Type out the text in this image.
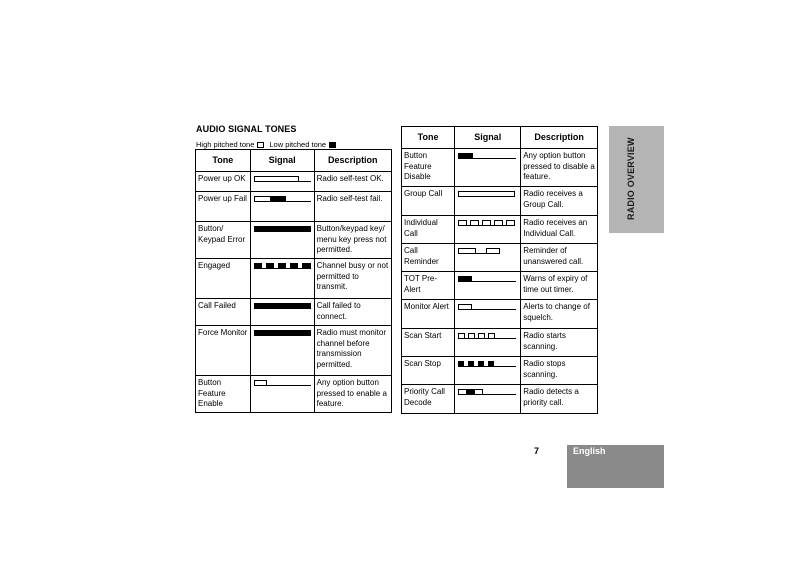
AUDIO SIGNAL TONES
High pitched tone Low pitched tone
Tone	Signal	Description
Power up OK		Radio self-test OK.
Power up Fail		Radio self-test fail.
Button/ Keypad Error		Button/keypad key/ menu key press not permitted.
Engaged		Channel busy or not permitted to transmit.
Call Failed		Call failed to connect.
Force Monitor		Radio must monitor channel before transmission permitted.
Button Feature Enable		Any option button pressed to enable a feature.
Tone	Signal	Description
Button Feature Disable		Any option button pressed to disable a feature.
Group Call		Radio receives a Group Call.
Individual Call		Radio receives an Individual Call.
Call Reminder		Reminder of unanswered call.
TOT Pre-Alert		Warns of expiry of time out timer.
Monitor Alert		Alerts to change of squelch.
Scan Start		Radio starts scanning.
Scan Stop		Radio stops scanning.
Priority Call Decode		Radio detects a priority call.
RADIO OVERVIEW
7	English
